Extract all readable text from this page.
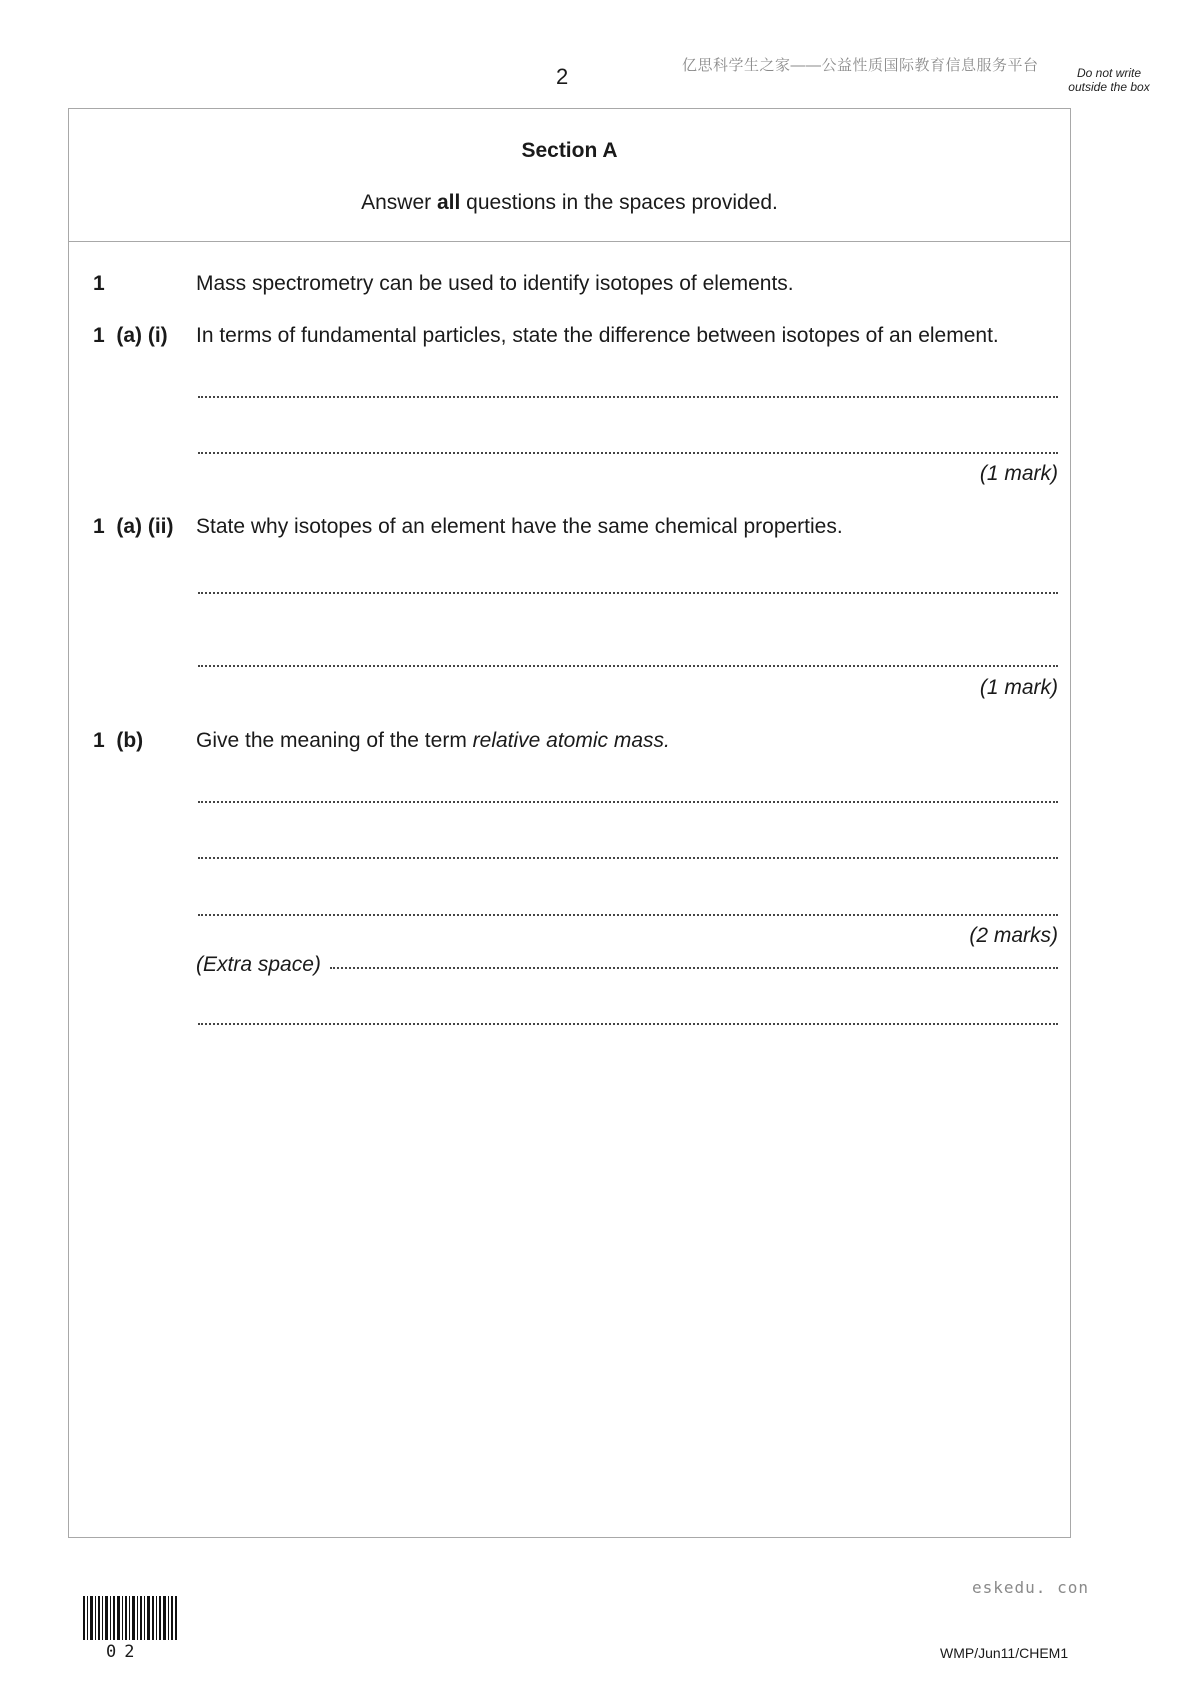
2	亿思科学生之家——公益性质国际教育信息服务平台	Do not write outside the box
Section A
Answer all questions in the spaces provided.
1	Mass spectrometry can be used to identify isotopes of elements.
1  (a) (i) In terms of fundamental particles, state the difference between isotopes of an element.
(1 mark)
1  (a) (ii) State why isotopes of an element have the same chemical properties.
(1 mark)
1  (b)	Give the meaning of the term relative atomic mass.
(2 marks)
(Extra space)
eskedu. con
02	WMP/Jun11/CHEM1
